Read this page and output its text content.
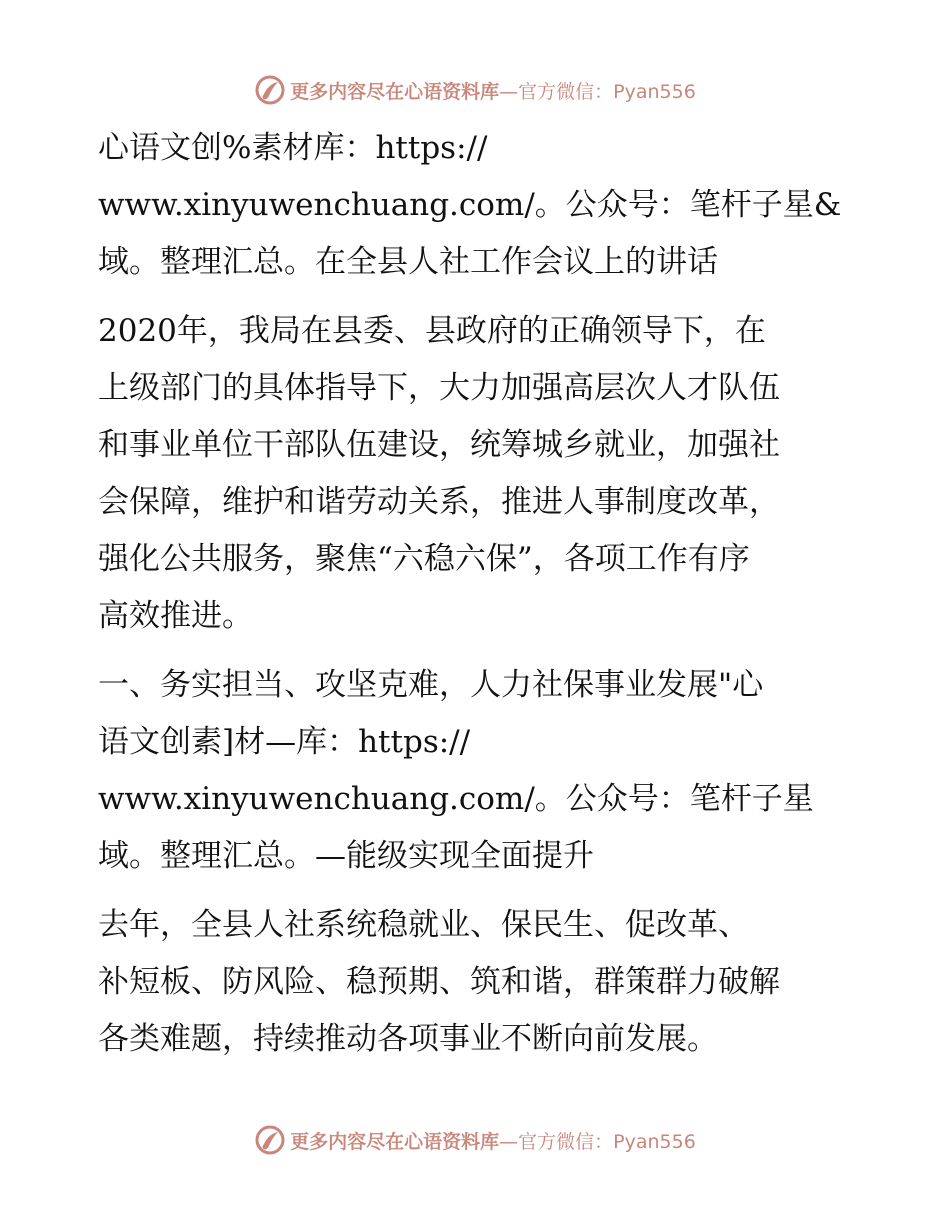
更多内容尽在心语资料库—官方微信：Pyan556
心语文创%素材库：https://
www.xinyuwenchuang.com/。公众号：笔杆子星&
域。整理汇总。在全县人社工作会议上的讲话
2020年，我局在县委、县政府的正确领导下，在
上级部门的具体指导下，大力加强高层次人才队伍
和事业单位干部队伍建设，统筹城乡就业，加强社
会保障，维护和谐劳动关系，推进人事制度改革，
强化公共服务，聚焦“六稳六保”，各项工作有序
高效推进。
一、务实担当、攻坚克难，人力社保事业发展"心
语文创素]材—库：https://
www.xinyuwenchuang.com/。公众号：笔杆子星
域。整理汇总。—能级实现全面提升
去年，全县人社系统稳就业、保民生、促改革、
补短板、防风险、稳预期、筑和谐，群策群力破解
各类难题，持续推动各项事业不断向前发展。
更多内容尽在心语资料库—官方微信：Pyan556
